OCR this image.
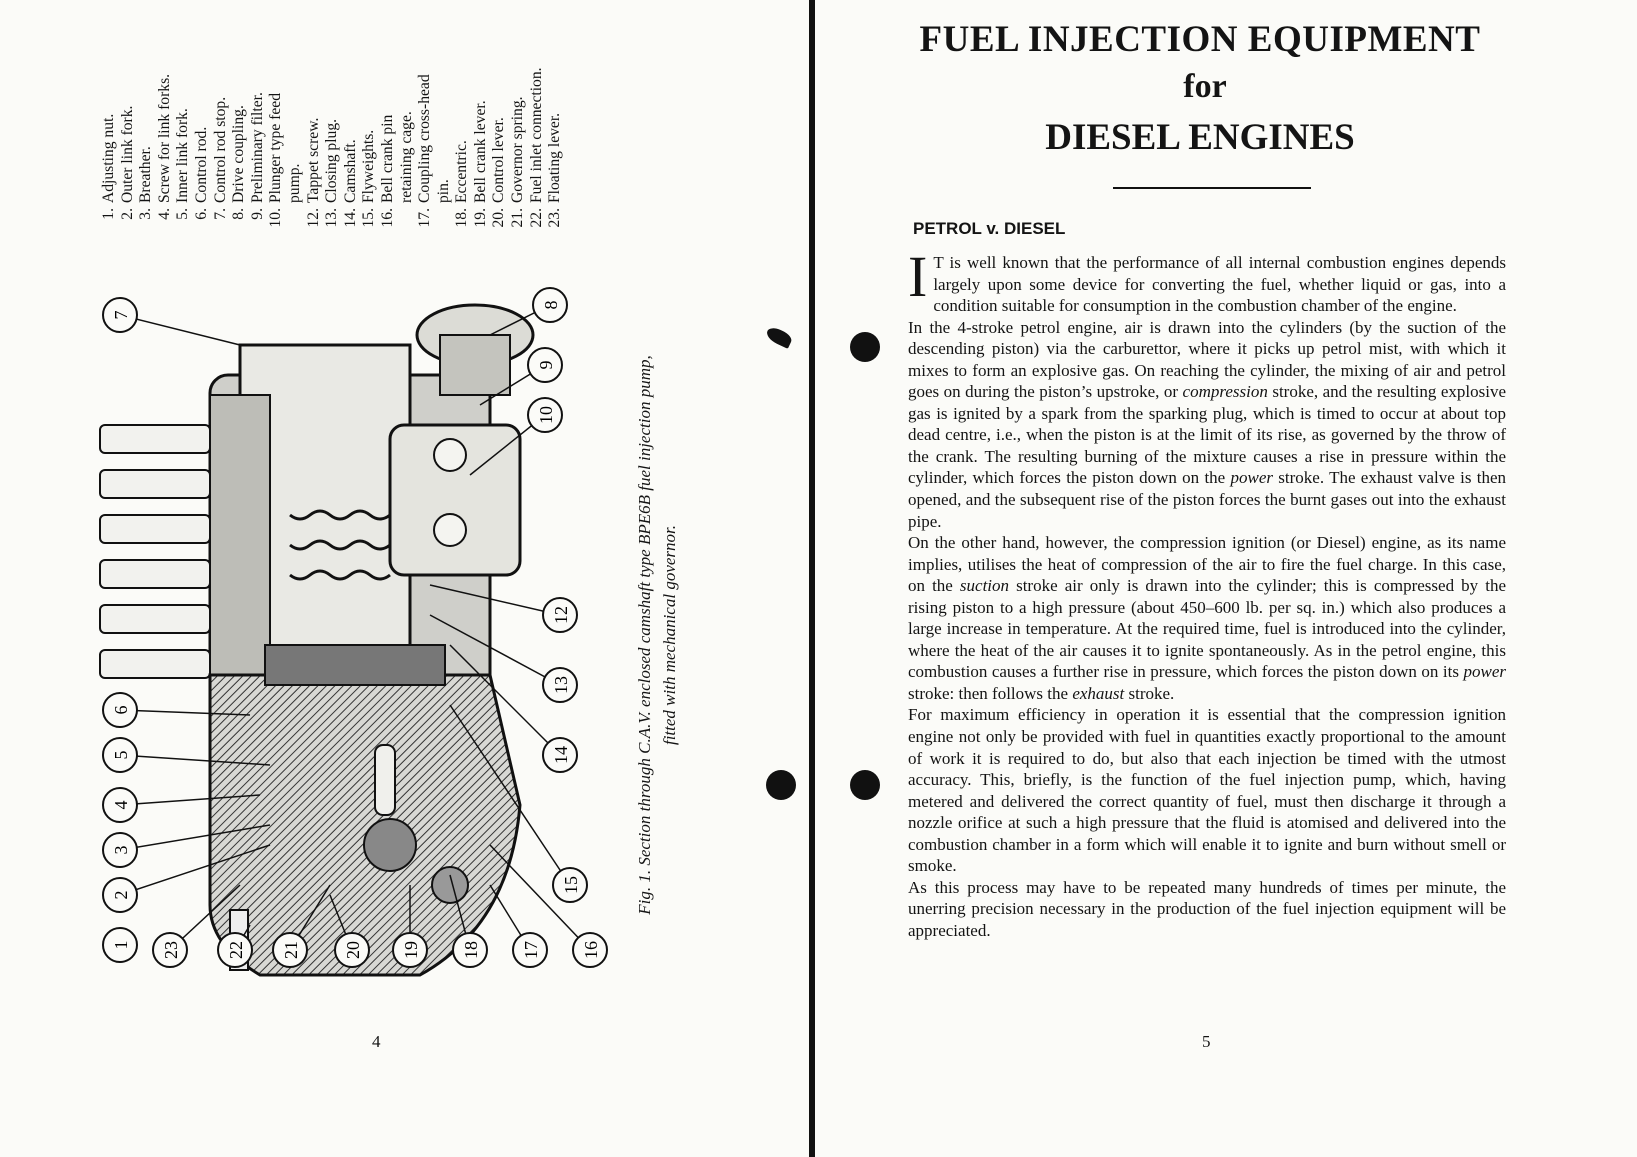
1.Adjusting nut.
2.Outer link fork.
3.Breather.
4.Screw for link forks.
5.Inner link fork.
6.Control rod.
7.Control rod stop.
8.Drive coupling.
9.Preliminary filter.
10.Plunger type feed pump.
12.Tappet screw.
13.Closing plug.
14.Camshaft.
15.Flyweights.
16.Bell crank pin retaining cage.
17.Coupling cross-head pin.
18.Eccentric.
19.Bell crank lever.
20.Control lever.
21.Governor spring.
22.Fuel inlet connection.
23.Floating lever.
1
2
3
4
5
6
7
8
9
10
12
13
14
15
16
17
18
19
20
21
22
23
Fig. 1. Section through C.A.V. enclosed camshaft type BPE6B fuel injection pump, fitted with mechanical governor.
4
FUEL INJECTION EQUIPMENT
for
DIESEL ENGINES
PETROL v. DIESEL

I T is well known that the performance of all internal combustion engines depends largely upon some device for converting the fuel, whether liquid or gas, into a condition suitable for consumption in the combustion chamber of the engine.

In the 4-stroke petrol engine, air is drawn into the cylinders (by the suction of the descending piston) via the carburettor, where it picks up petrol mist, with which it mixes to form an explosive gas. On reaching the cylinder, the mixing of air and petrol goes on during the piston’s upstroke, or compression stroke, and the resulting explosive gas is ignited by a spark from the sparking plug, which is timed to occur at about top dead centre, i.e., when the piston is at the limit of its rise, as governed by the throw of the crank. The resulting burning of the mixture causes a rise in pressure within the cylinder, which forces the piston down on the power stroke. The exhaust valve is then opened, and the subsequent rise of the piston forces the burnt gases out into the exhaust pipe.

On the other hand, however, the compression ignition (or Diesel) engine, as its name implies, utilises the heat of compression of the air to fire the fuel charge. In this case, on the suction stroke air only is drawn into the cylinder; this is compressed by the rising piston to a high pressure (about 450–600 lb. per sq. in.) which also produces a large increase in temperature. At the required time, fuel is introduced into the cylinder, where the heat of the air causes it to ignite spontaneously. As in the petrol engine, this combustion causes a further rise in pressure, which forces the piston down on its power stroke: then follows the exhaust stroke.

For maximum efficiency in operation it is essential that the compression ignition engine not only be provided with fuel in quantities exactly proportional to the amount of work it is required to do, but also that each injection be timed with the utmost accuracy. This, briefly, is the function of the fuel injection pump, which, having metered and delivered the correct quantity of fuel, must then discharge it through a nozzle orifice at such a high pressure that the fluid is atomised and delivered into the combustion chamber in a form which will enable it to ignite and burn without smell or smoke.

As this process may have to be repeated many hundreds of times per minute, the unerring precision necessary in the production of the fuel injection equipment will be appreciated.

5
